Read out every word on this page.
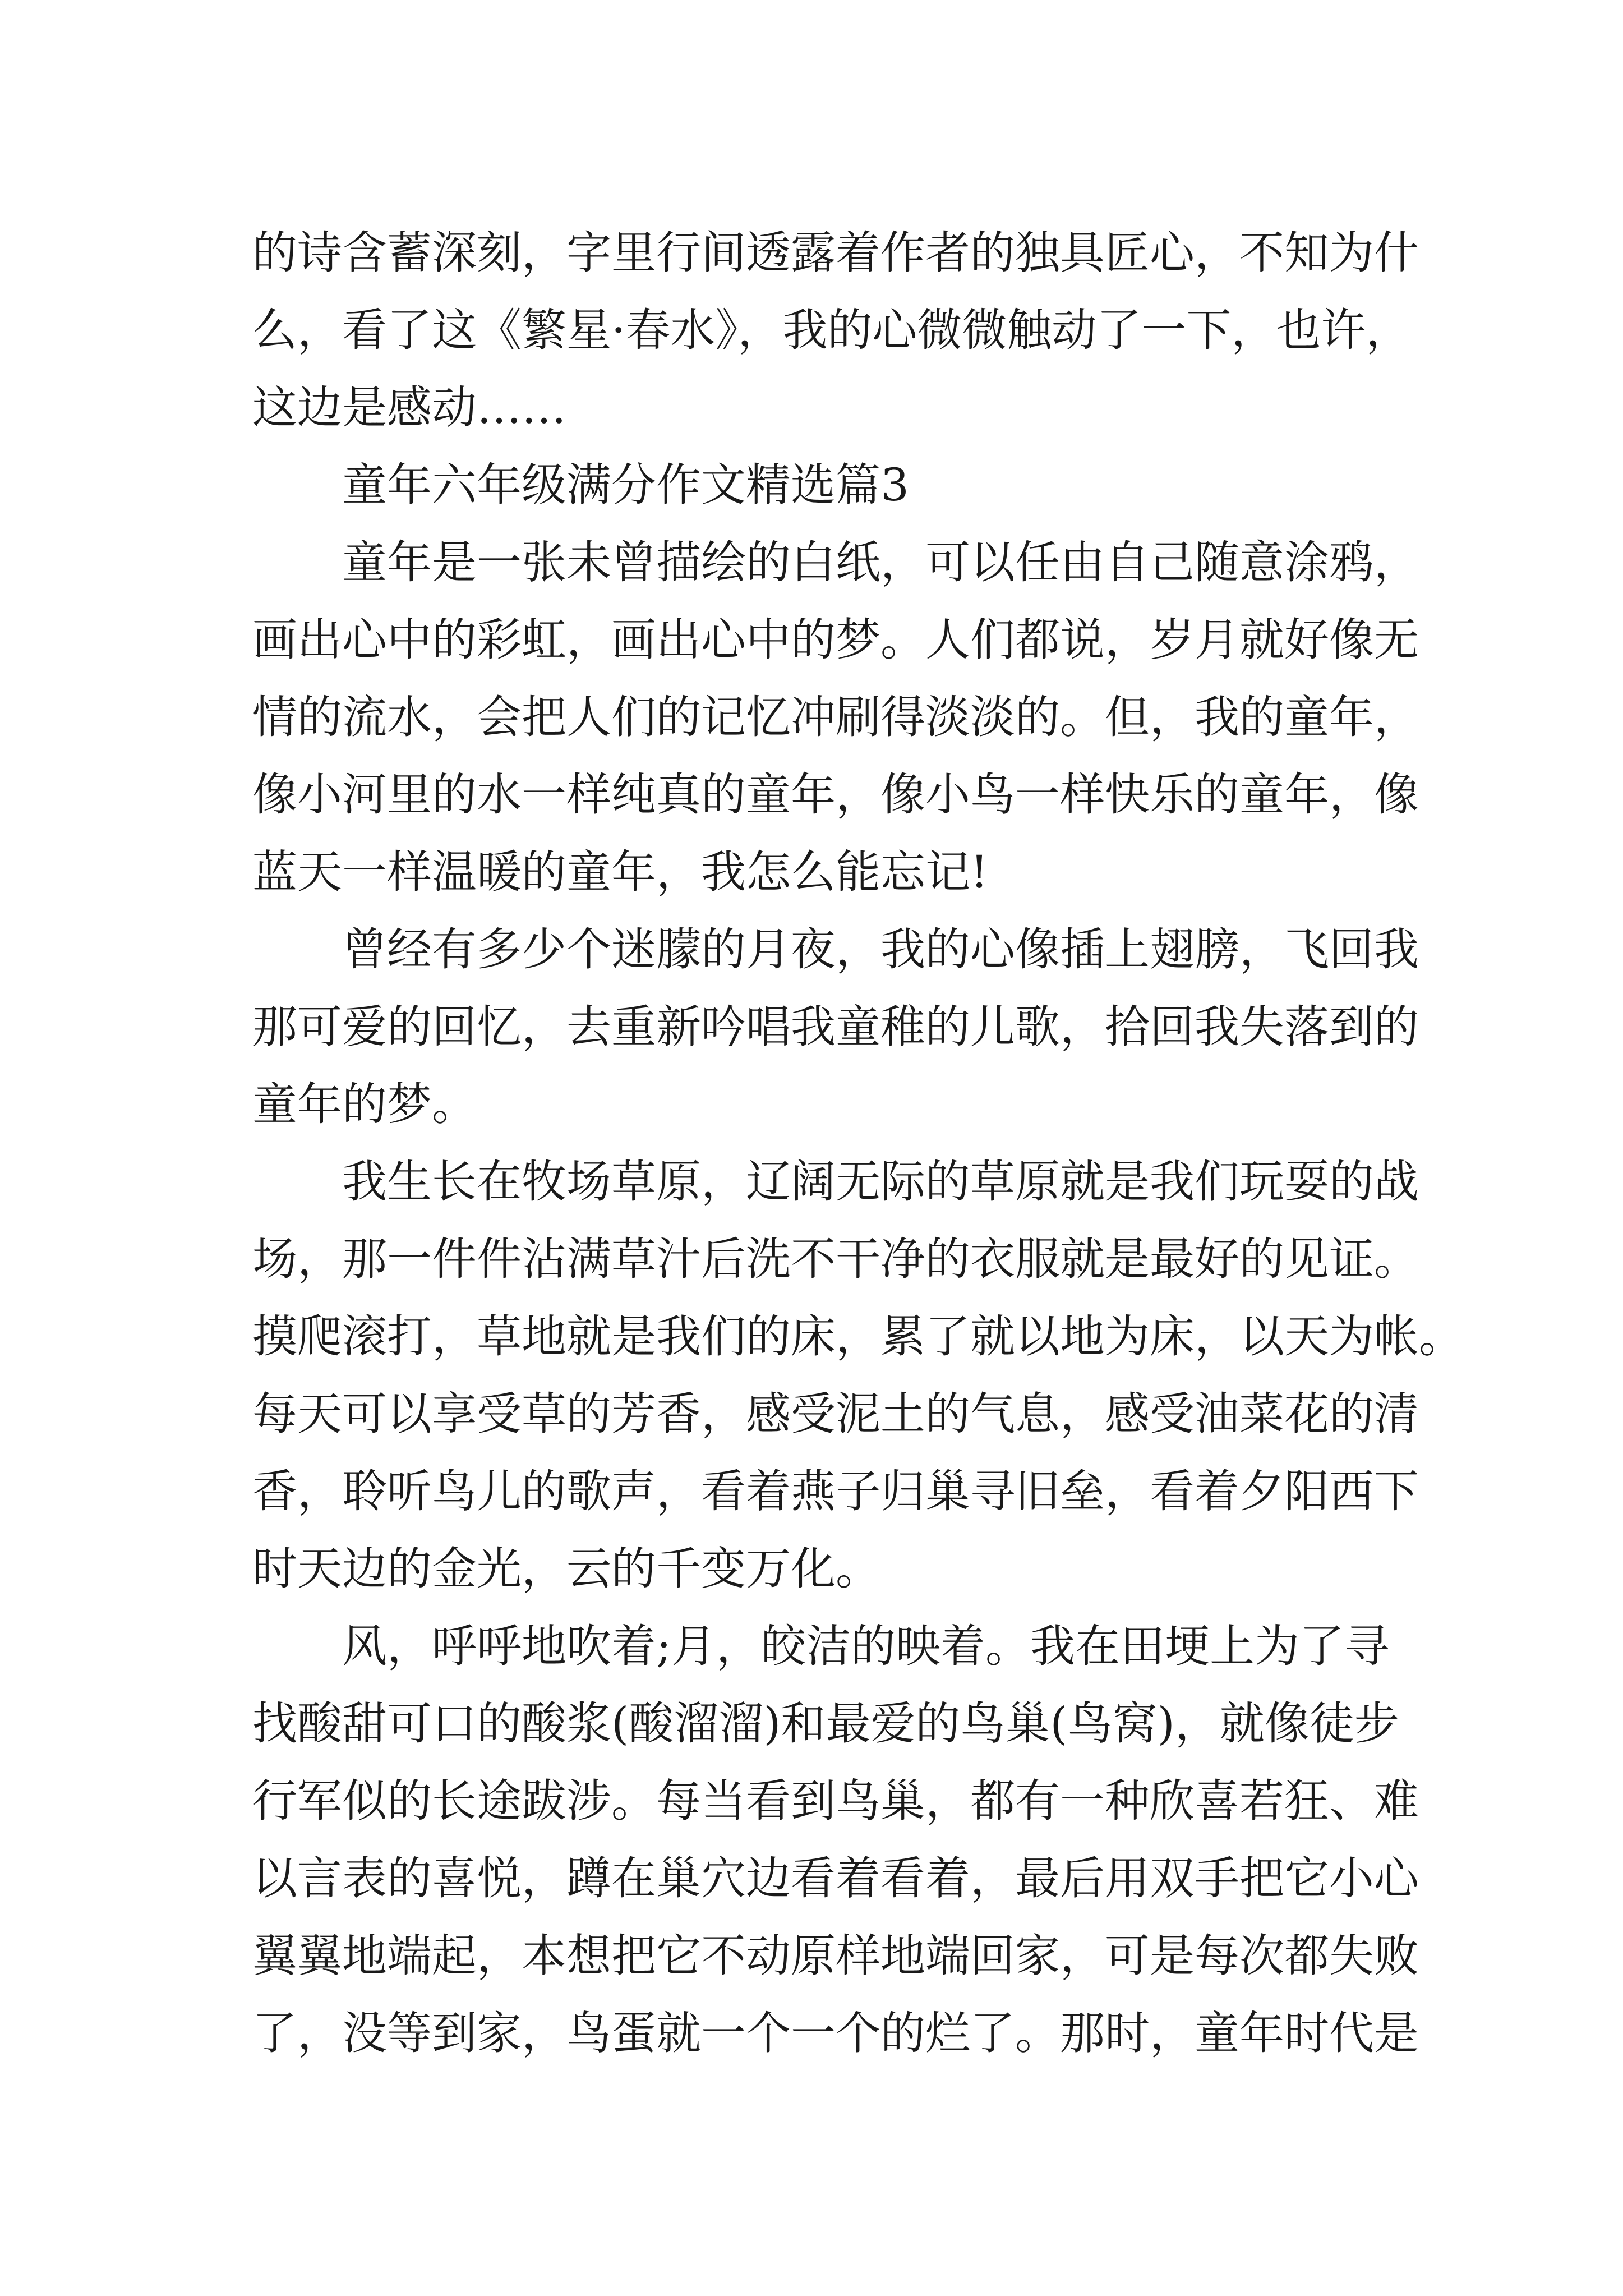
的诗含蓄深刻，字里行间透露着作者的独具匠心，不知为什
么，看了这《繁星·春水》，我的心微微触动了一下，也许，
这边是感动……
童年六年级满分作文精选篇3
童年是一张未曾描绘的白纸，可以任由自己随意涂鸦，
画出心中的彩虹，画出心中的梦。人们都说，岁月就好像无
情的流水，会把人们的记忆冲刷得淡淡的。但，我的童年，
像小河里的水一样纯真的童年，像小鸟一样快乐的童年，像
蓝天一样温暖的童年，我怎么能忘记!
曾经有多少个迷朦的月夜，我的心像插上翅膀，飞回我
那可爱的回忆，去重新吟唱我童稚的儿歌，拾回我失落到的
童年的梦。
我生长在牧场草原，辽阔无际的草原就是我们玩耍的战
场，那一件件沾满草汁后洗不干净的衣服就是最好的见证。
摸爬滚打，草地就是我们的床，累了就以地为床，以天为帐。
每天可以享受草的芳香，感受泥土的气息，感受油菜花的清
香，聆听鸟儿的歌声，看着燕子归巢寻旧垒，看着夕阳西下
时天边的金光，云的千变万化。
风，呼呼地吹着;月，皎洁的映着。我在田埂上为了寻
找酸甜可口的酸浆(酸溜溜)和最爱的鸟巢(鸟窝)，就像徒步
行军似的长途跋涉。每当看到鸟巢，都有一种欣喜若狂、难
以言表的喜悦，蹲在巢穴边看着看着，最后用双手把它小心
翼翼地端起，本想把它不动原样地端回家，可是每次都失败
了，没等到家，鸟蛋就一个一个的烂了。那时，童年时代是
